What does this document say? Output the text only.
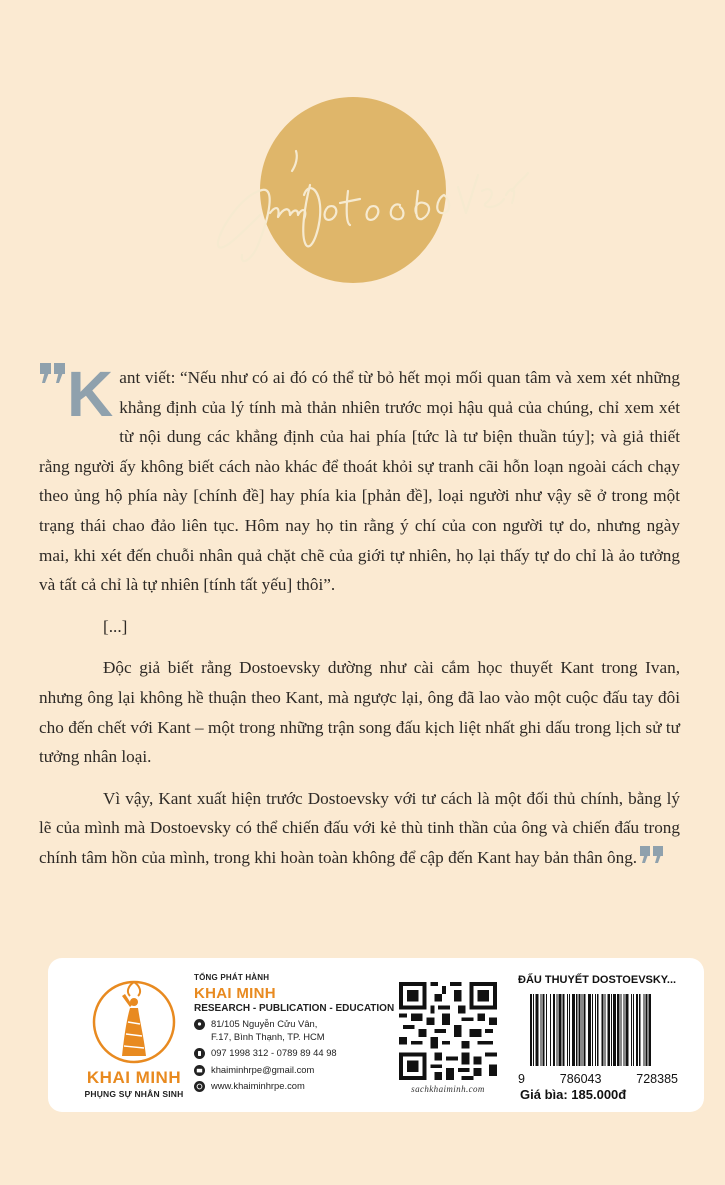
Kant viết: “Nếu như có ai đó có thể từ bỏ hết mọi mối quan tâm và xem xét những khẳng định của lý tính mà thản nhiên trước mọi hậu quả của chúng, chỉ xem xét từ nội dung các khẳng định của hai phía [tức là tư biện thuần túy]; và giả thiết rằng người ấy không biết cách nào khác để thoát khỏi sự tranh cãi hỗn loạn ngoài cách chạy theo ủng hộ phía này [chính đề] hay phía kia [phản đề], loại người như vậy sẽ ở trong một trạng thái chao đảo liên tục. Hôm nay họ tin rằng ý chí của con người tự do, nhưng ngày mai, khi xét đến chuỗi nhân quả chặt chẽ của giới tự nhiên, họ lại thấy tự do chỉ là ảo tưởng và tất cả chỉ là tự nhiên [tính tất yếu] thôi”.

[...]

Độc giả biết rằng Dostoevsky dường như cài cắm học thuyết Kant trong Ivan, nhưng ông lại không hề thuận theo Kant, mà ngược lại, ông đã lao vào một cuộc đấu tay đôi cho đến chết với Kant – một trong những trận song đấu kịch liệt nhất ghi dấu trong lịch sử tư tưởng nhân loại.

Vì vậy, Kant xuất hiện trước Dostoevsky với tư cách là một đối thủ chính, bằng lý lẽ của mình mà Dostoevsky có thể chiến đấu với kẻ thù tinh thần của ông và chiến đấu trong chính tâm hồn của mình, trong khi hoàn toàn không để cập đến Kant hay bản thân ông.

KHAI MINH
PHỤNG SỰ NHÂN SINH
TỔNG PHÁT HÀNH
KHAI MINH
RESEARCH - PUBLICATION - EDUCATION
81/105 Nguyễn Cửu Vân,
F.17, Bình Thạnh, TP. HCM
097 1998 312 - 0789 89 44 98
khaiminhrpe@gmail.com
www.khaiminhrpe.com	sachkhaiminh.com
ĐẤU THUYẾT DOSTOEVSKY...
9	786043	728385
Giá bìa: 185.000đ
